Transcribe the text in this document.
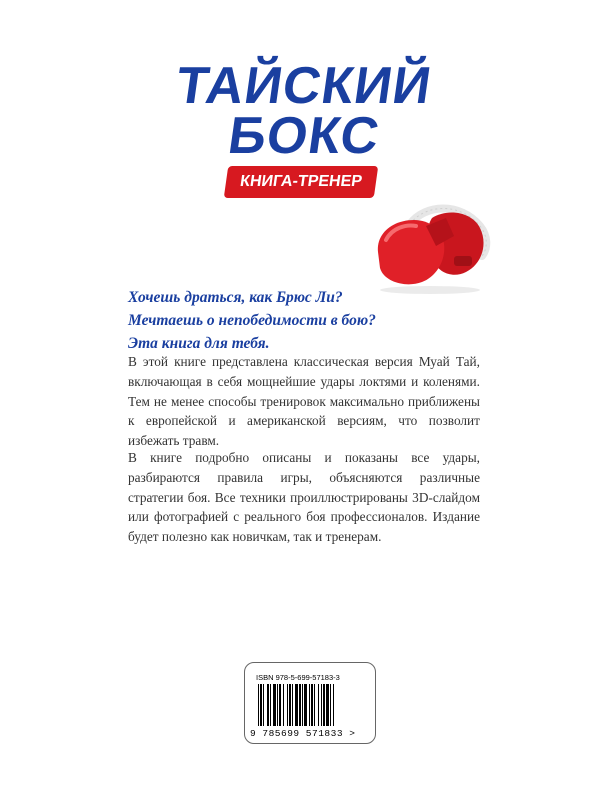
ТАЙСКИЙ
БОКС
КНИГА-ТРЕНЕР
Хочешь драться, как Брюс Ли?
Мечтаешь о непобедимости в бою?
Эта книга для тебя.

В этой книге представлена классическая версия Муай Тай, включающая в себя мощнейшие удары локтями и коленями. Тем не менее способы тренировок максимально приближены к европейской и американской версиям, что позволит избежать травм.

В книге подробно описаны и показаны все удары, разбираются правила игры, объясняются различные стратегии боя. Все техники проиллюстрированы 3D-слайдом или фотографией с реального боя профессионалов. Издание будет полезно как новичкам, так и тренерам.

ISBN 978-5-699-57183-3
9 785699 571833 >
